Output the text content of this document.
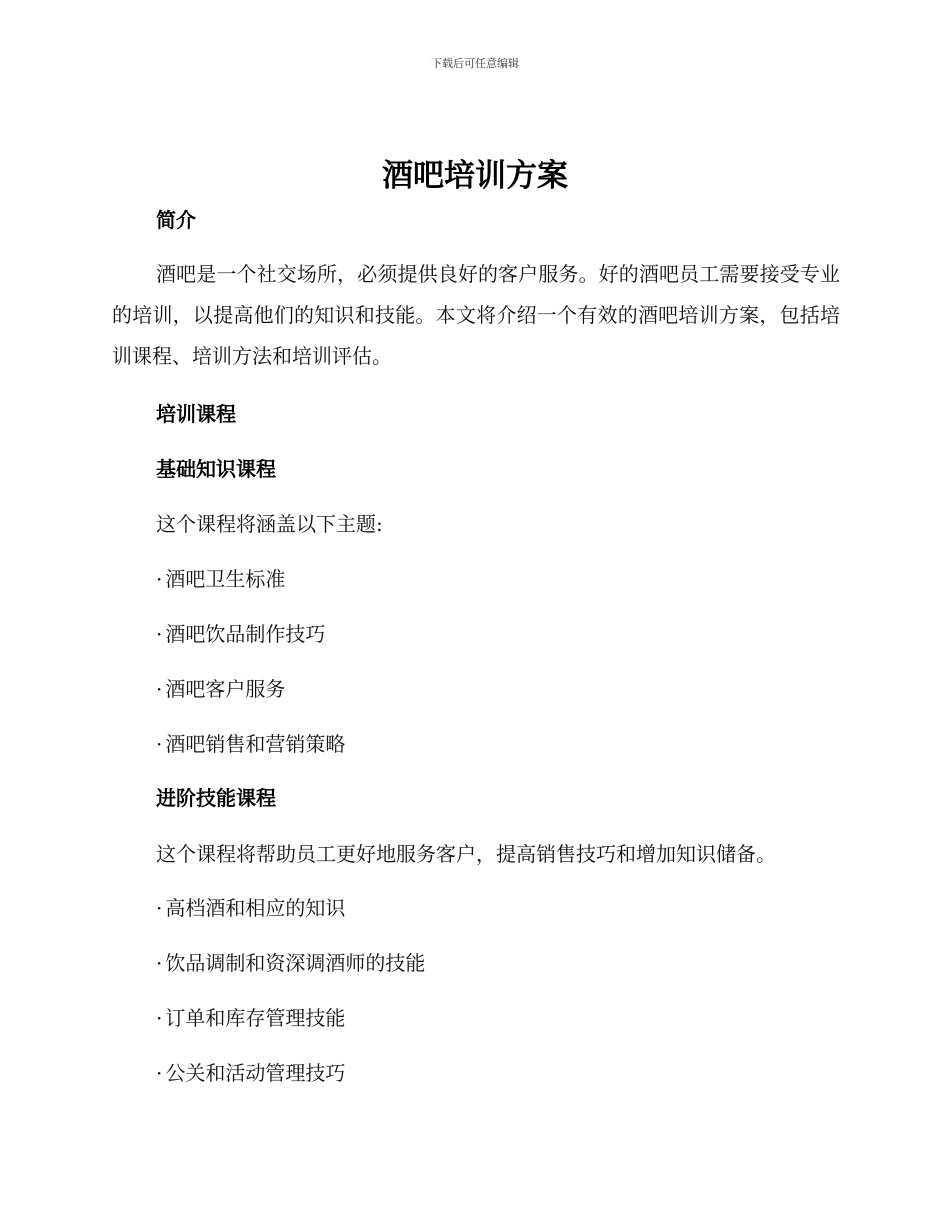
下载后可任意编辑
酒吧培训方案
简介

酒吧是一个社交场所，必须提供良好的客户服务。好的酒吧员工需要接受专业的培训，以提高他们的知识和技能。本文将介绍一个有效的酒吧培训方案，包括培训课程、培训方法和培训评估。

培训课程
基础知识课程

这个课程将涵盖以下主题:

· 酒吧卫生标准

· 酒吧饮品制作技巧

· 酒吧客户服务

· 酒吧销售和营销策略

进阶技能课程

这个课程将帮助员工更好地服务客户，提高销售技巧和增加知识储备。

· 高档酒和相应的知识

· 饮品调制和资深调酒师的技能

· 订单和库存管理技能

· 公关和活动管理技巧
